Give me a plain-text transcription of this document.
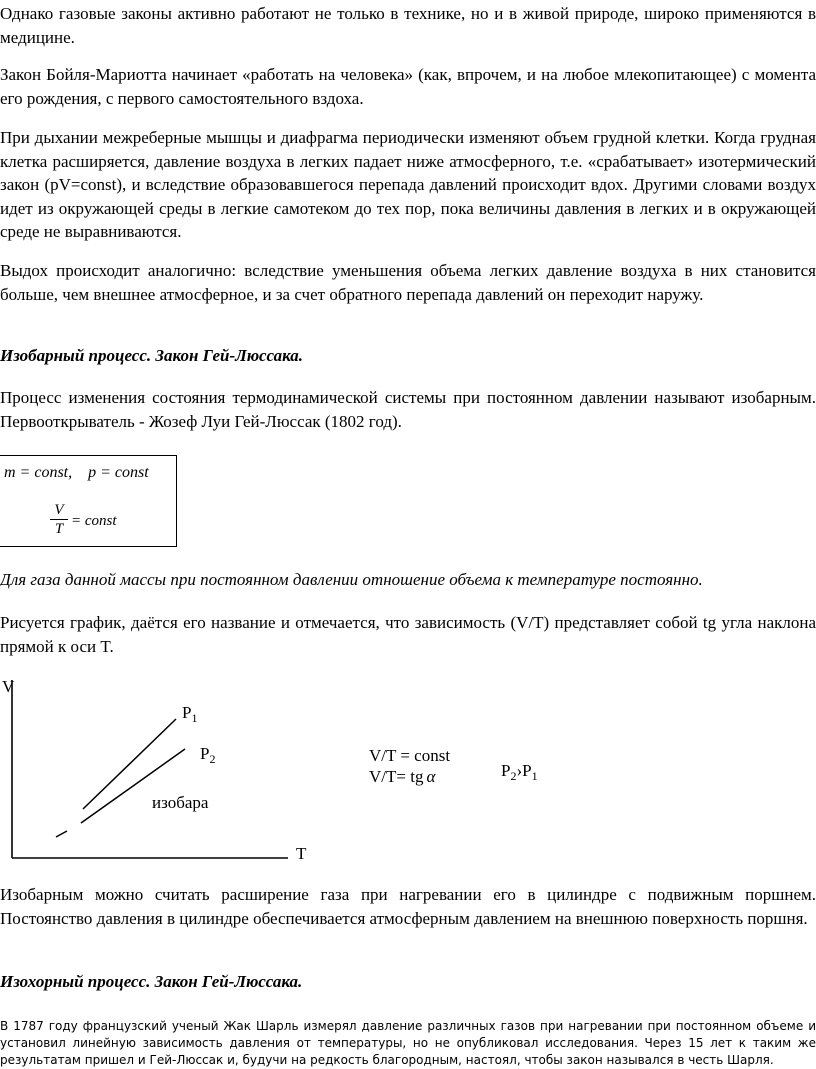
Однако газовые законы активно работают не только в технике, но и в живой природе, широко применяются в медицине.

Закон Бойля-Мариотта начинает «работать на человека» (как, впрочем, и на любое млекопитающее) с момента его рождения, с первого самостоятельного вздоха.

При дыхании межреберные мышцы и диафрагма периодически изменяют объем грудной клетки. Когда грудная клетка расширяется, давление воздуха в легких падает ниже атмосферного, т.е. «срабатывает» изотермический закон (pV=const), и вследствие образовавшегося перепада давлений происходит вдох. Другими словами воздух идет из окружающей среды в легкие самотеком до тех пор, пока величины давления в легких и в окружающей среде не выравниваются.

Выдох происходит аналогично: вследствие уменьшения объема легких давление воздуха в них становится больше, чем внешнее атмосферное, и за счет обратного перепада давлений он переходит наружу.

Изобарный процесс. Закон Гей-Люссака.

Процесс изменения состояния термодинамической системы при постоянном давлении называют изобарным. Первооткрыватель - Жозеф Луи Гей-Люссак (1802 год).

m = const,    p = const
V
T = const

Для газа данной массы при постоянном давлении отношение объема к температуре постоянно.

Рисуется график, даётся его название и отмечается, что зависимость (V/T) представляет собой tg угла наклона прямой к оси T.

V
T
$P_1$
$P_2$
изобара
V/T = const
V/T= tg α	$P_2›P_1$

Изобарным можно считать расширение газа при нагревании его в цилиндре с подвижным поршнем. Постоянство давления в цилиндре обеспечивается атмосферным давлением на внешнюю поверхность поршня.

Изохорный процесс. Закон Гей-Люссака.

В 1787 году французский ученый Жак Шарль измерял давление различных газов при нагревании при постоянном объеме и установил линейную зависимость давления от температуры, но не опубликовал исследования. Через 15 лет к таким же результатам пришел и Гей-Люссак и, будучи на редкость благородным, настоял, чтобы закон назывался в честь Шарля.
